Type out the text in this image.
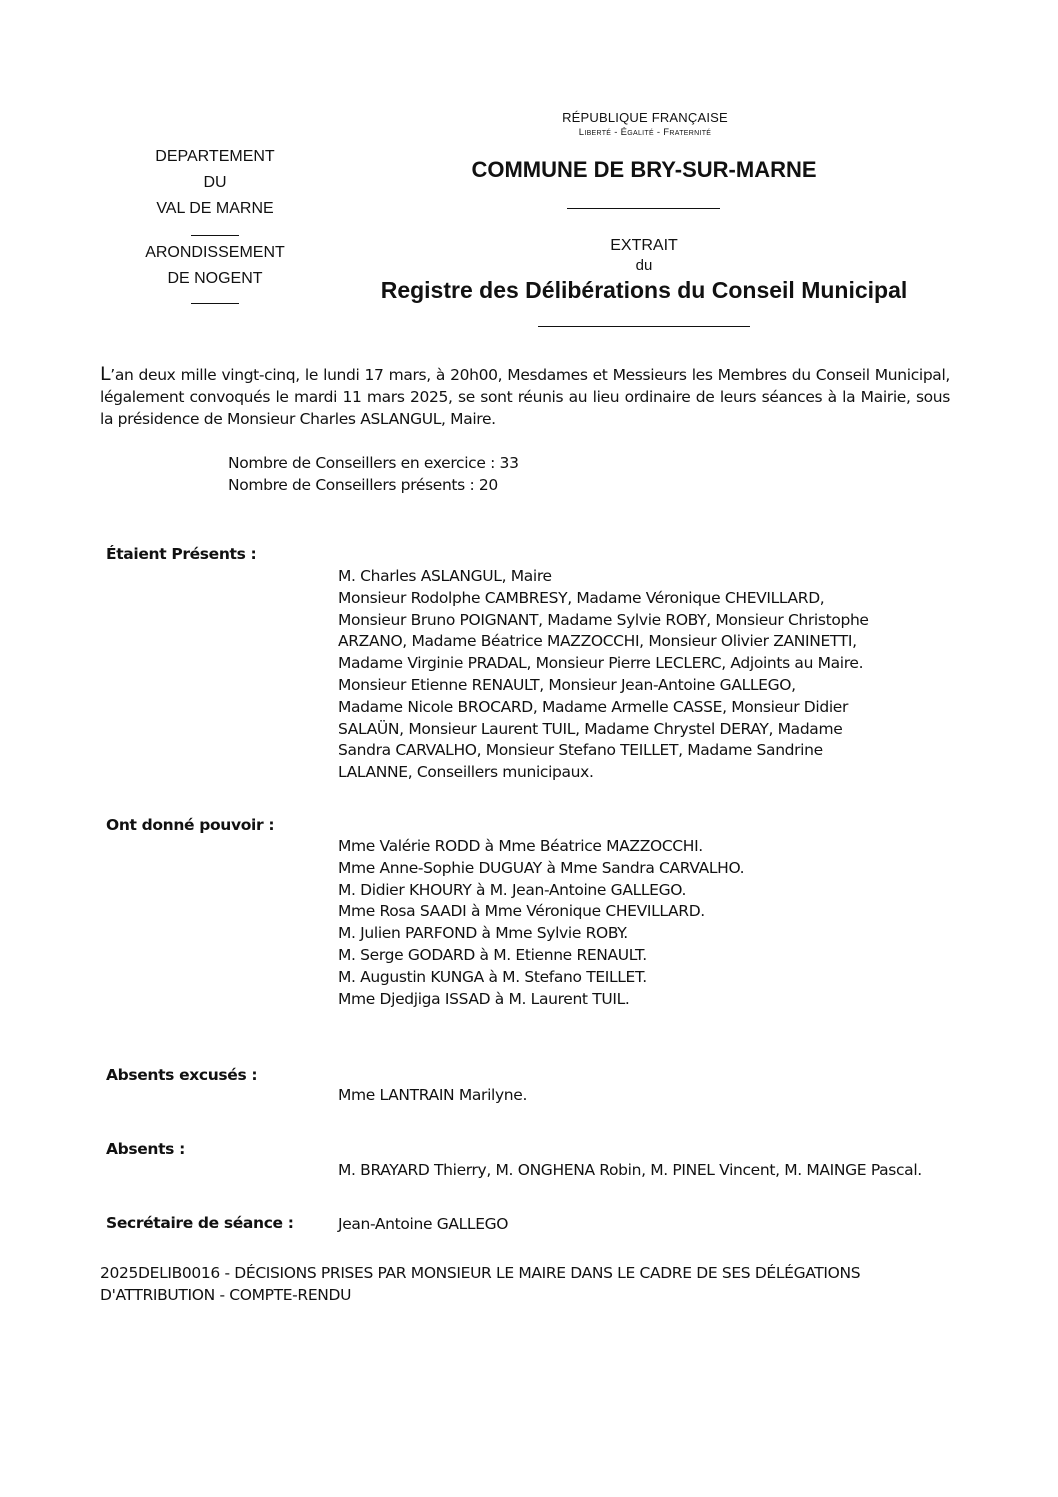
DEPARTEMENT
DU
VAL DE MARNE
ARONDISSEMENT
DE NOGENT
RÉPUBLIQUE FRANÇAISE
Liberté - Égalité - Fraternité
COMMUNE DE BRY-SUR-MARNE
EXTRAIT
du
Registre des Délibérations du Conseil Municipal
L’an deux mille vingt-cinq, le lundi 17 mars, à 20h00, Mesdames et Messieurs les Membres du Conseil Municipal, légalement convoqués le mardi 11 mars 2025, se sont réunis au lieu ordinaire de leurs séances à la Mairie, sous la présidence de Monsieur Charles ASLANGUL, Maire.
Nombre de Conseillers en exercice : 33
Nombre de Conseillers présents : 20
Étaient Présents :
M. Charles ASLANGUL, Maire
Monsieur Rodolphe CAMBRESY, Madame Véronique CHEVILLARD,
Monsieur Bruno POIGNANT, Madame Sylvie ROBY, Monsieur Christophe
ARZANO, Madame Béatrice MAZZOCCHI, Monsieur Olivier ZANINETTI,
Madame Virginie PRADAL, Monsieur Pierre LECLERC, Adjoints au Maire.
Monsieur Etienne RENAULT, Monsieur Jean-Antoine GALLEGO,
Madame Nicole BROCARD, Madame Armelle CASSE, Monsieur Didier
SALAÜN, Monsieur Laurent TUIL, Madame Chrystel DERAY, Madame
Sandra CARVALHO, Monsieur Stefano TEILLET, Madame Sandrine
LALANNE, Conseillers municipaux.
Ont donné pouvoir :
Mme Valérie RODD à Mme Béatrice MAZZOCCHI.
Mme Anne-Sophie DUGUAY à Mme Sandra CARVALHO.
M. Didier KHOURY à M. Jean-Antoine GALLEGO.
Mme Rosa SAADI à Mme Véronique CHEVILLARD.
M. Julien PARFOND à Mme Sylvie ROBY.
M. Serge GODARD à M. Etienne RENAULT.
M. Augustin KUNGA à M. Stefano TEILLET.
Mme Djedjiga ISSAD à M. Laurent TUIL.
Absents excusés :
Mme LANTRAIN Marilyne.
Absents :
M. BRAYARD Thierry, M. ONGHENA Robin, M. PINEL Vincent, M. MAINGE Pascal.
Secrétaire de séance :	Jean-Antoine GALLEGO
2025DELIB0016 - DÉCISIONS PRISES PAR MONSIEUR LE MAIRE DANS LE CADRE DE SES DÉLÉGATIONS
D'ATTRIBUTION - COMPTE-RENDU
